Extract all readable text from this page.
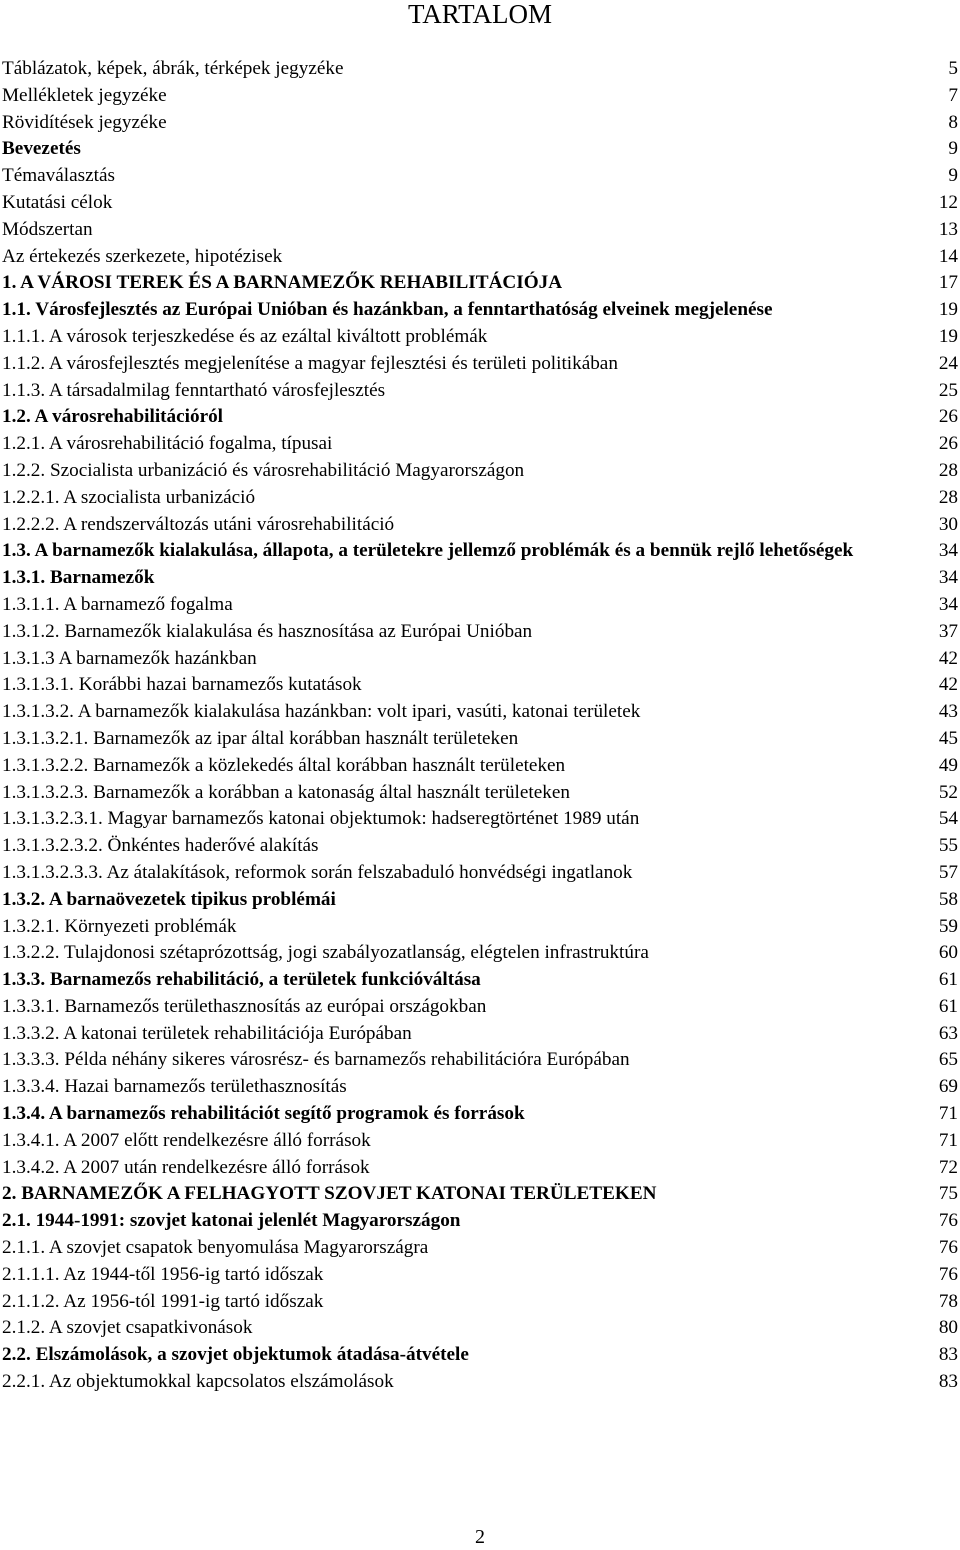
TARTALOM
Táblázatok, képek, ábrák, térképek jegyzéke	5
Mellékletek jegyzéke	7
Rövidítések jegyzéke	8
Bevezetés	9
Témaválasztás	9
Kutatási célok	12
Módszertan	13
Az értekezés szerkezete, hipotézisek	14
1. A VÁROSI TEREK ÉS A BARNAMEZŐK REHABILITÁCIÓJA	17
1.1. Városfejlesztés az Európai Unióban és hazánkban, a fenntarthatóság elveinek megjelenése	19
1.1.1. A városok terjeszkedése és az ezáltal kiváltott problémák	19
1.1.2. A városfejlesztés megjelenítése a magyar fejlesztési és területi politikában	24
1.1.3. A társadalmilag fenntartható városfejlesztés	25
1.2. A városrehabilitációról	26
1.2.1. A városrehabilitáció fogalma, típusai	26
1.2.2. Szocialista urbanizáció és városrehabilitáció Magyarországon	28
1.2.2.1. A szocialista urbanizáció	28
1.2.2.2. A rendszerváltozás utáni városrehabilitáció	30
1.3. A barnamezők kialakulása, állapota, a területekre jellemző problémák és a bennük rejlő lehetőségek	34
1.3.1. Barnamezők	34
1.3.1.1. A barnamező fogalma	34
1.3.1.2. Barnamezők kialakulása és hasznosítása az Európai Unióban	37
1.3.1.3 A barnamezők hazánkban	42
1.3.1.3.1. Korábbi hazai barnamezős kutatások	42
1.3.1.3.2. A barnamezők kialakulása hazánkban: volt ipari, vasúti, katonai területek	43
1.3.1.3.2.1. Barnamezők az ipar által korábban használt területeken	45
1.3.1.3.2.2. Barnamezők a közlekedés által korábban használt területeken	49
1.3.1.3.2.3. Barnamezők a korábban a katonaság által használt területeken	52
1.3.1.3.2.3.1. Magyar barnamezős katonai objektumok: hadseregtörténet 1989 után	54
1.3.1.3.2.3.2. Önkéntes haderővé alakítás	55
1.3.1.3.2.3.3. Az átalakítások, reformok során felszabaduló honvédségi ingatlanok	57
1.3.2. A barnaövezetek tipikus problémái	58
1.3.2.1. Környezeti problémák	59
1.3.2.2. Tulajdonosi szétaprózottság, jogi szabályozatlanság, elégtelen infrastruktúra	60
1.3.3. Barnamezős rehabilitáció, a területek funkcióváltása	61
1.3.3.1. Barnamezős területhasznosítás az európai országokban	61
1.3.3.2. A katonai területek rehabilitációja Európában	63
1.3.3.3. Példa néhány sikeres városrész- és barnamezős rehabilitációra Európában	65
1.3.3.4. Hazai barnamezős területhasznosítás	69
1.3.4. A barnamezős rehabilitációt segítő programok és források	71
1.3.4.1. A 2007 előtt rendelkezésre álló források	71
1.3.4.2. A 2007 után rendelkezésre álló források	72
2. BARNAMEZŐK A FELHAGYOTT SZOVJET KATONAI TERÜLETEKEN	75
2.1. 1944-1991: szovjet katonai jelenlét Magyarországon	76
2.1.1. A szovjet csapatok benyomulása Magyarországra	76
2.1.1.1. Az 1944-től 1956-ig tartó időszak	76
2.1.1.2. Az 1956-tól 1991-ig tartó időszak	78
2.1.2. A szovjet csapatkivonások	80
2.2. Elszámolások, a szovjet objektumok átadása-átvétele	83
2.2.1. Az objektumokkal kapcsolatos elszámolások	83
2
